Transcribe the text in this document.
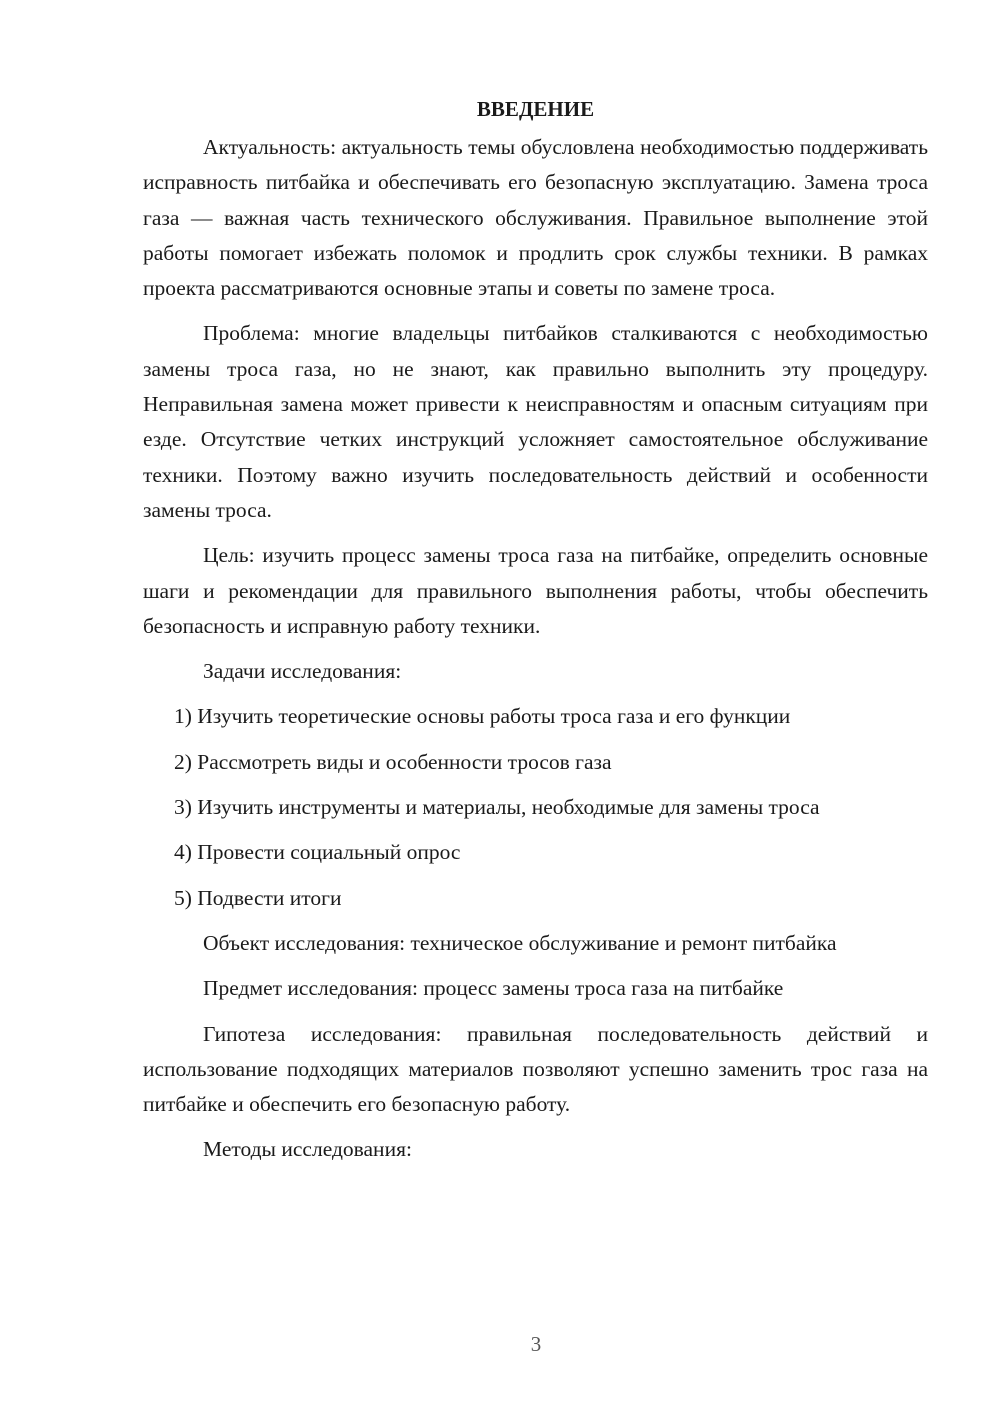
ВВЕДЕНИЕ

Актуальность: актуальность темы обусловлена необходимостью поддерживать исправность питбайка и обеспечивать его безопасную эксплуатацию. Замена троса газа — важная часть технического обслуживания. Правильное выполнение этой работы помогает избежать поломок и продлить срок службы техники. В рамках проекта рассматриваются основные этапы и советы по замене троса.

Проблема: многие владельцы питбайков сталкиваются с необходимостью замены троса газа, но не знают, как правильно выполнить эту процедуру. Неправильная замена может привести к неисправностям и опасным ситуациям при езде. Отсутствие четких инструкций усложняет самостоятельное обслуживание техники. Поэтому важно изучить последовательность действий и особенности замены троса.

Цель: изучить процесс замены троса газа на питбайке, определить основные шаги и рекомендации для правильного выполнения работы, чтобы обеспечить безопасность и исправную работу техники.

Задачи исследования:

1) Изучить теоретические основы работы троса газа и его функции
2) Рассмотреть виды и особенности тросов газа
3) Изучить инструменты и материалы, необходимые для замены троса
4) Провести социальный опрос
5) Подвести итоги

Объект исследования: техническое обслуживание и ремонт питбайка

Предмет исследования: процесс замены троса газа на питбайке

Гипотеза исследования: правильная последовательность действий и использование подходящих материалов позволяют успешно заменить трос газа на питбайке и обеспечить его безопасную работу.

Методы исследования:

3
